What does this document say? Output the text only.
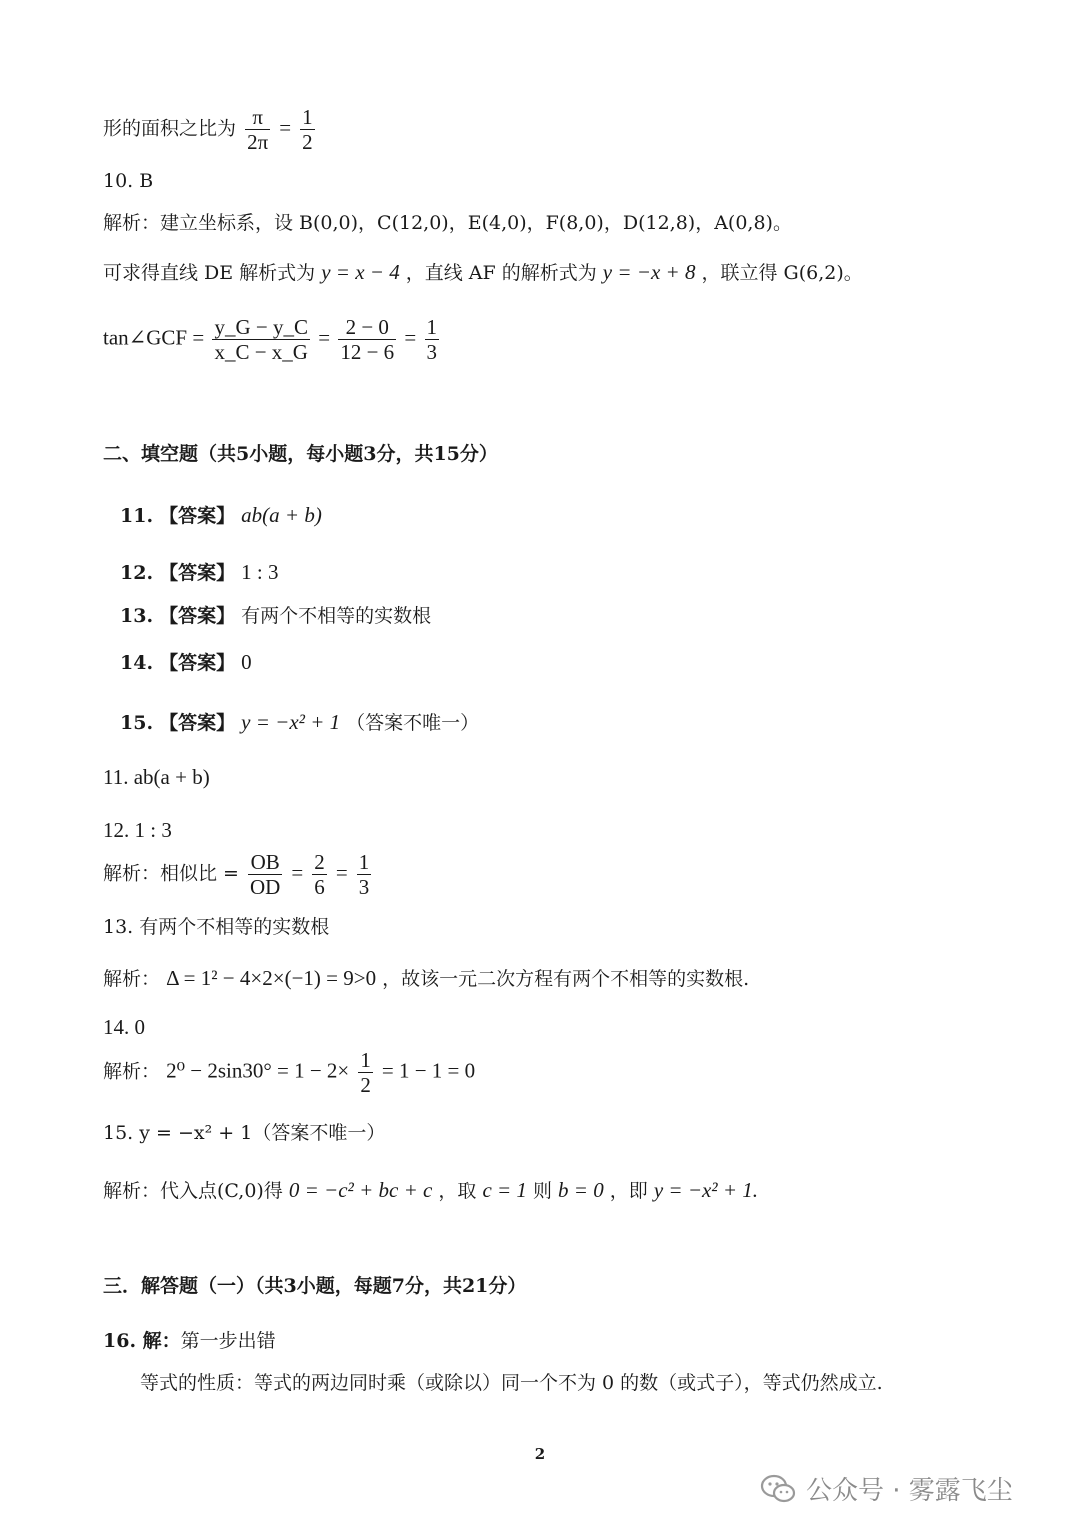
形的面积之比为 $\frac{\pi}{2\pi} = \frac{1}{2}$
10. B
解析：建立坐标系，设 B(0,0)，C(12,0)，E(4,0)，F(8,0)，D(12,8)，A(0,8)。
可求得直线 DE 解析式为 y = x − 4 ，直线 AF 的解析式为 y = −x + 8 ，联立得 G(6,2)。
tan∠GCF = $\frac{y\_G - y\_C}{x\_C - x\_G} = \frac{2 - 0}{12 - 6} = \frac{1}{3}$
二、填空题（共5小题，每小题3分，共15分）
11. 【答案】 ab(a + b)
12. 【答案】 1 : 3
13. 【答案】 有两个不相等的实数根
14. 【答案】 0
15. 【答案】 y = −x² + 1 （答案不唯一）
11. ab(a + b)
12. 1 : 3
解析：相似比 = $\frac{OB}{OD} = \frac{2}{6} = \frac{1}{3}$
13. 有两个不相等的实数根
解析： Δ = 1² − 4×2×(−1) = 9>0 ，故该一元二次方程有两个不相等的实数根.
14. 0
解析： $2^0 - 2\sin 30^\circ = 1 - 2\times \frac{1}{2} = 1 - 1 = 0$
15. y = −x² + 1（答案不唯一）
解析：代入点(C,0)得 0 = −c² + bc + c ，取 c = 1 则 b = 0 ，即 y = −x² + 1.
三．解答题（一）（共3小题，每题7分，共21分）
16. 解：第一步出错
等式的性质：等式的两边同时乘（或除以）同一个不为 0 的数（或式子），等式仍然成立.
2
公众号 · 雾露飞尘
